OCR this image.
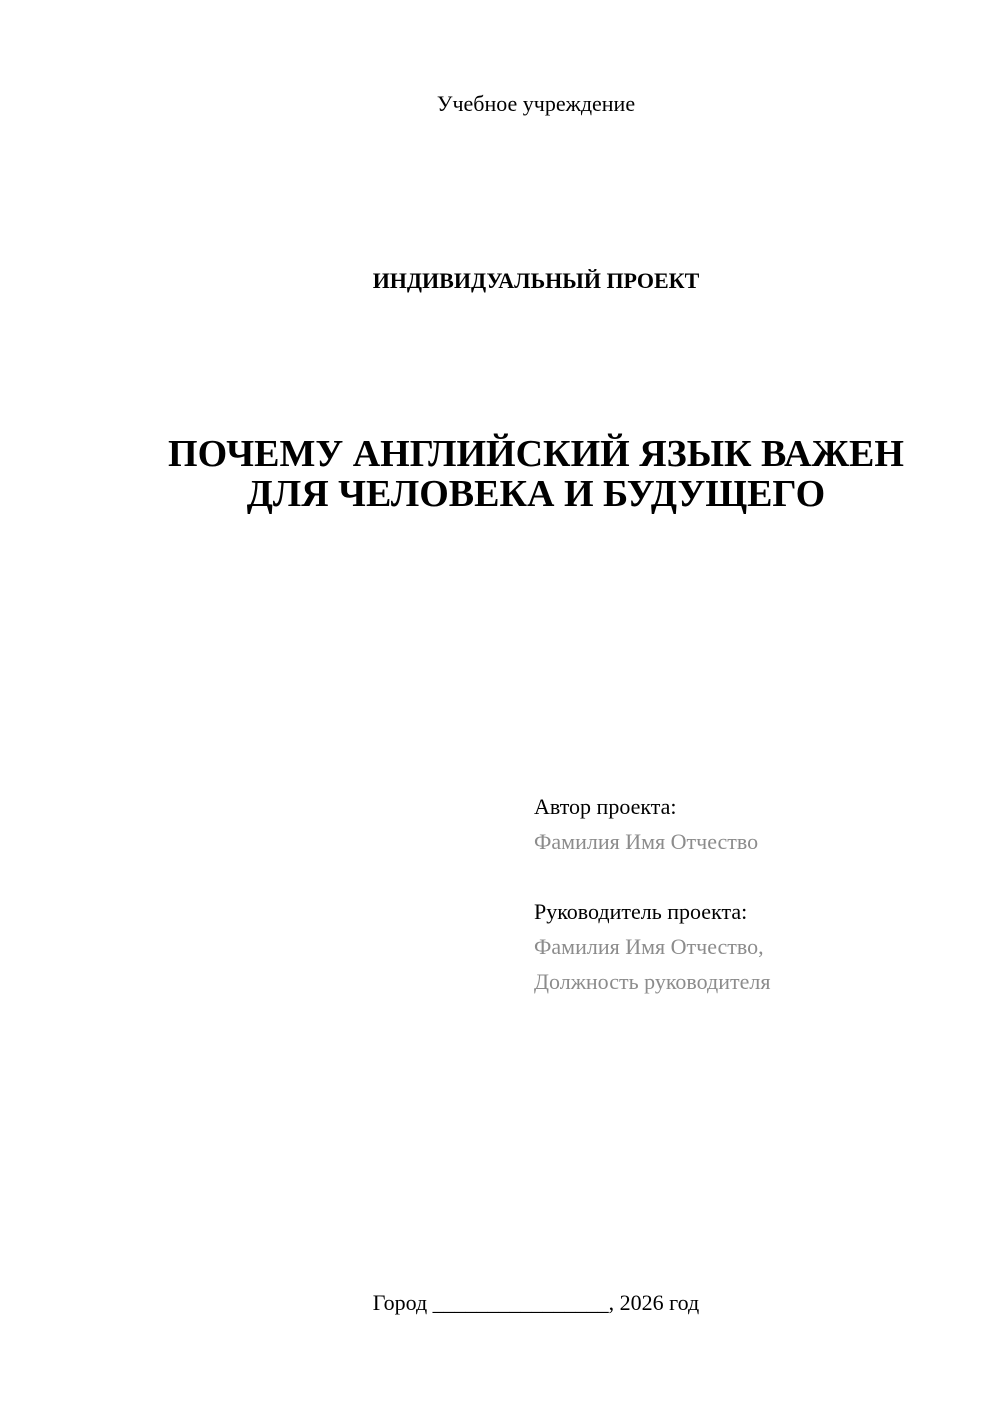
Учебное учреждение
ИНДИВИДУАЛЬНЫЙ ПРОЕКТ
ПОЧЕМУ АНГЛИЙСКИЙ ЯЗЫК ВАЖЕН
ДЛЯ ЧЕЛОВЕКА И БУДУЩЕГО
Автор проекта:
Фамилия Имя Отчество
Руководитель проекта:
Фамилия Имя Отчество,
Должность руководителя
Город ________________, 2026 год
